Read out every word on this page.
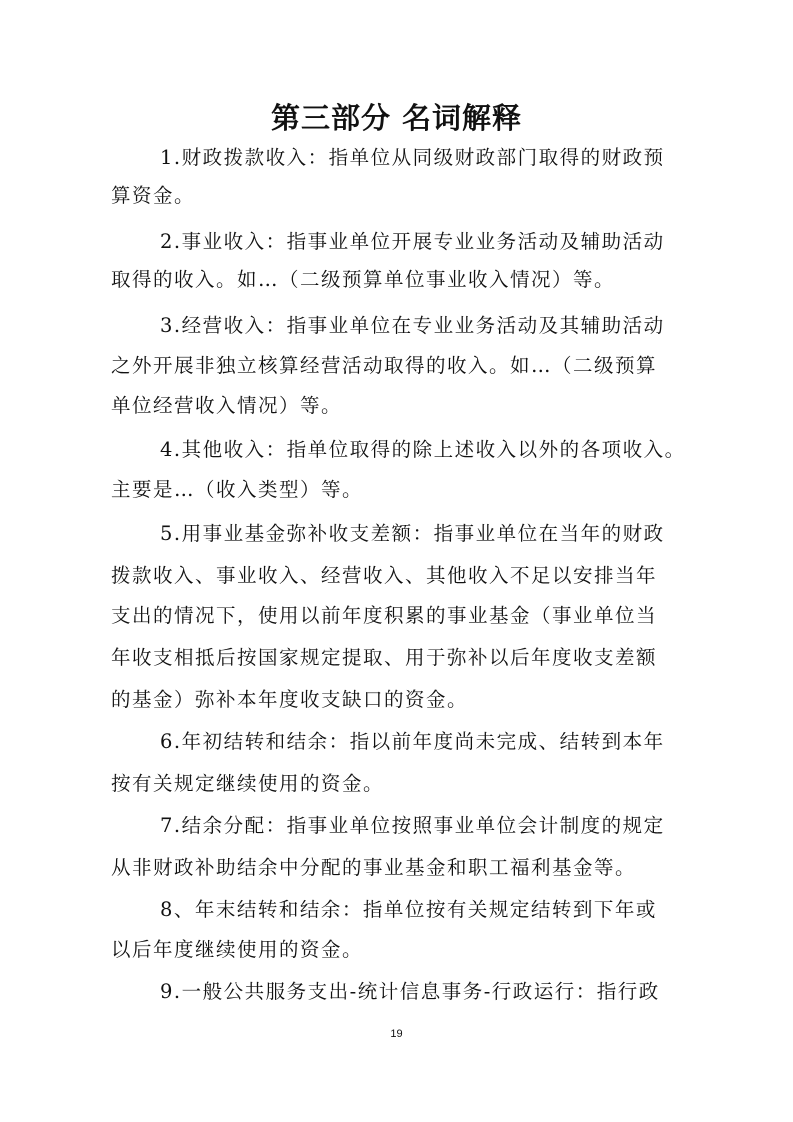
第三部分 名词解释

1.财政拨款收入：指单位从同级财政部门取得的财政预

算资金。

2.事业收入：指事业单位开展专业业务活动及辅助活动

取得的收入。如…（二级预算单位事业收入情况）等。

3.经营收入：指事业单位在专业业务活动及其辅助活动

之外开展非独立核算经营活动取得的收入。如…（二级预算

单位经营收入情况）等。

4.其他收入：指单位取得的除上述收入以外的各项收入。

主要是…（收入类型）等。

5.用事业基金弥补收支差额：指事业单位在当年的财政

拨款收入、事业收入、经营收入、其他收入不足以安排当年

支出的情况下，使用以前年度积累的事业基金（事业单位当

年收支相抵后按国家规定提取、用于弥补以后年度收支差额

的基金）弥补本年度收支缺口的资金。

6.年初结转和结余：指以前年度尚未完成、结转到本年

按有关规定继续使用的资金。

7.结余分配：指事业单位按照事业单位会计制度的规定

从非财政补助结余中分配的事业基金和职工福利基金等。

8、年末结转和结余：指单位按有关规定结转到下年或

以后年度继续使用的资金。

9.一般公共服务支出-统计信息事务-行政运行：指行政

19
